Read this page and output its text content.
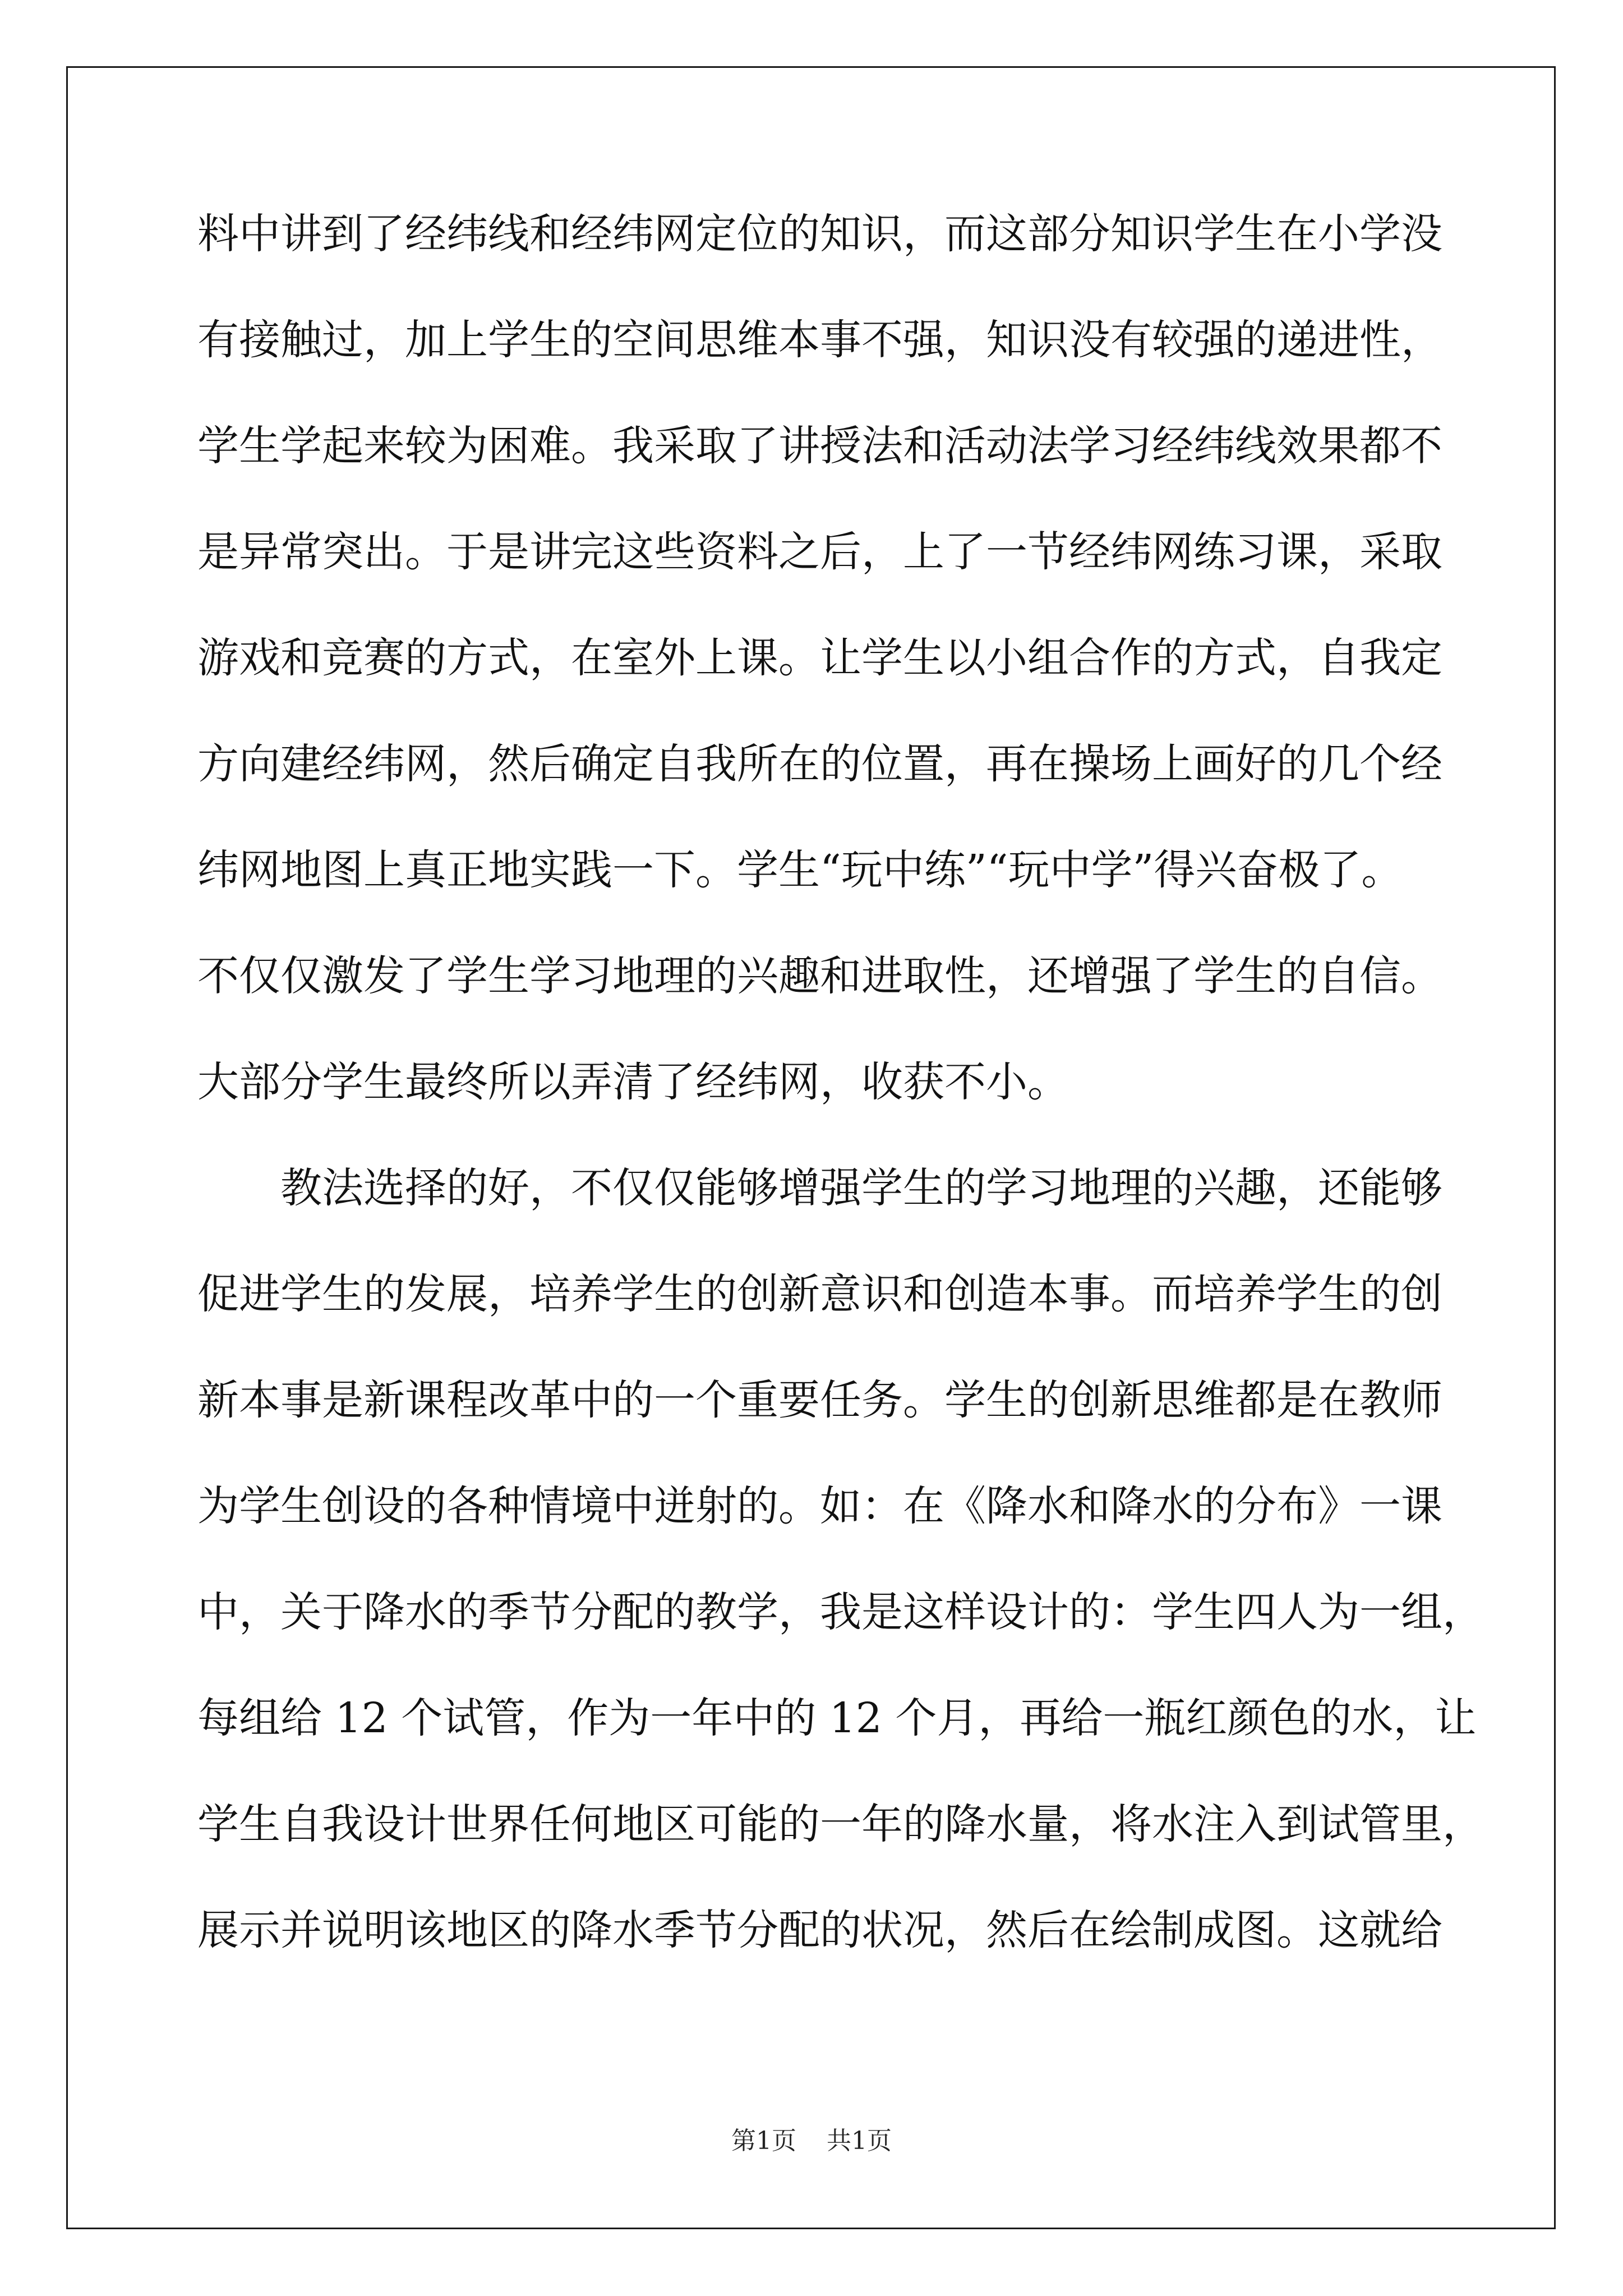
料中讲到了经纬线和经纬网定位的知识，而这部分知识学生在小学没
有接触过，加上学生的空间思维本事不强，知识没有较强的递进性，
学生学起来较为困难。我采取了讲授法和活动法学习经纬线效果都不
是异常突出。于是讲完这些资料之后，上了一节经纬网练习课，采取
游戏和竞赛的方式，在室外上课。让学生以小组合作的方式，自我定
方向建经纬网，然后确定自我所在的位置，再在操场上画好的几个经
纬网地图上真正地实践一下。学生“玩中练”“玩中学”得兴奋极了。
不仅仅激发了学生学习地理的兴趣和进取性，还增强了学生的自信。
大部分学生最终所以弄清了经纬网，收获不小。
教法选择的好，不仅仅能够增强学生的学习地理的兴趣，还能够
促进学生的发展，培养学生的创新意识和创造本事。而培养学生的创
新本事是新课程改革中的一个重要任务。学生的创新思维都是在教师
为学生创设的各种情境中迸射的。如：在《降水和降水的分布》一课
中，关于降水的季节分配的教学，我是这样设计的：学生四人为一组，
每组给 12 个试管，作为一年中的 12 个月，再给一瓶红颜色的水，让
学生自我设计世界任何地区可能的一年的降水量，将水注入到试管里，
展示并说明该地区的降水季节分配的状况，然后在绘制成图。这就给
第1页 共1页
